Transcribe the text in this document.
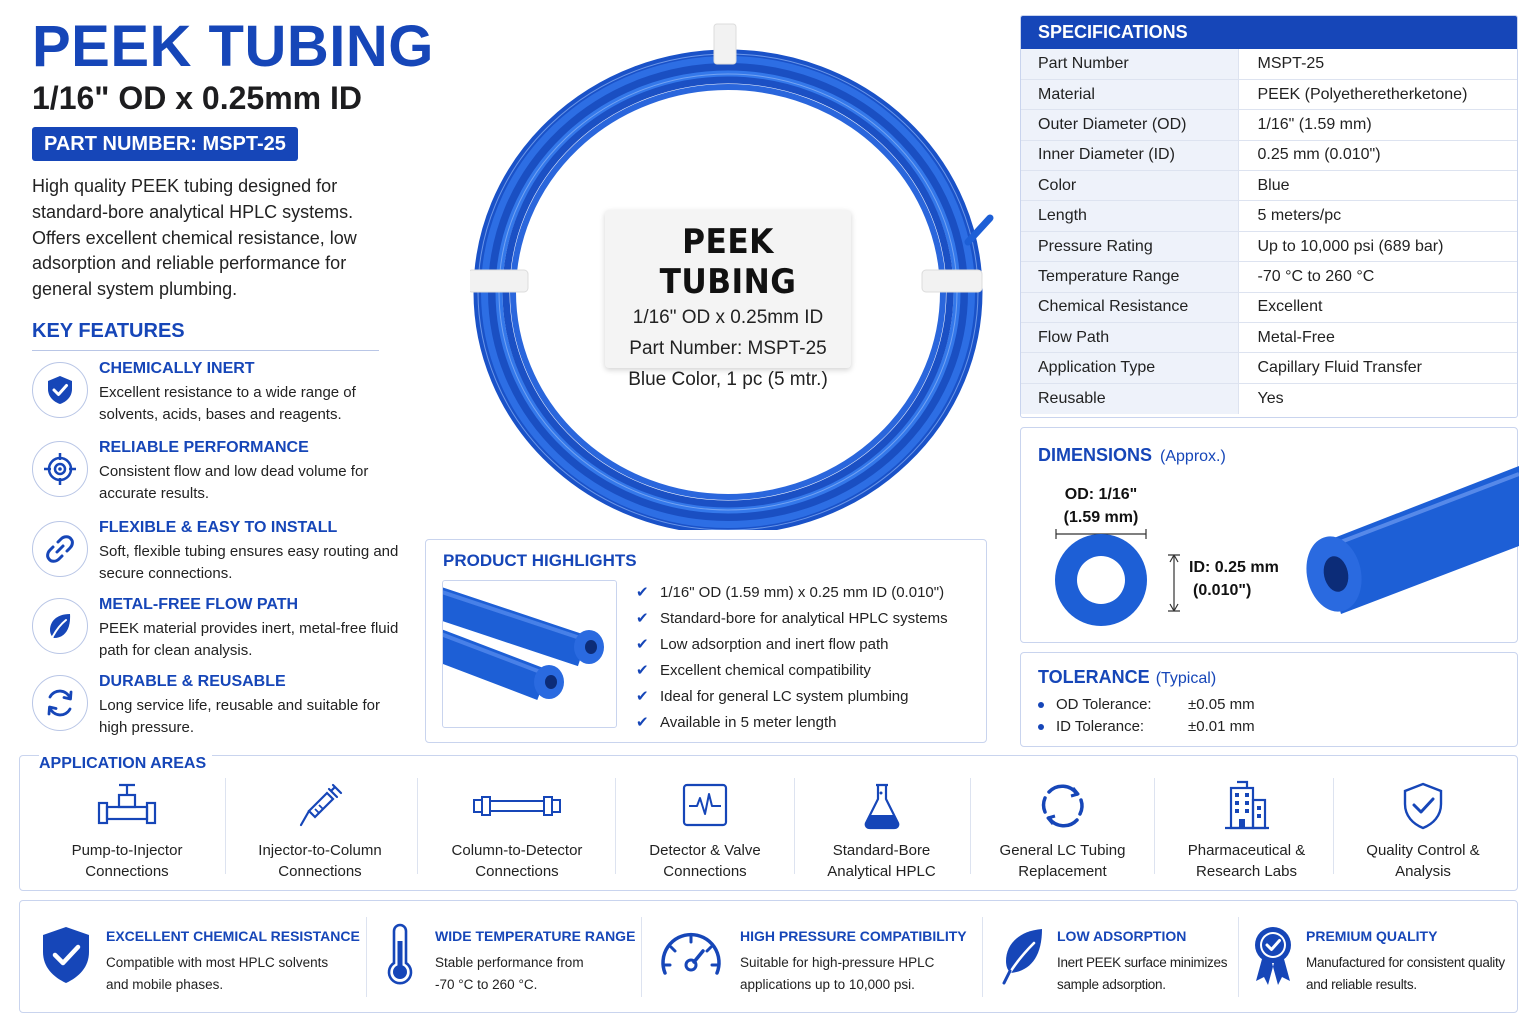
PEEK TUBING
1/16" OD x 0.25mm ID
PART NUMBER: MSPT-25
High quality PEEK tubing designed for standard-bore analytical HPLC systems. Offers excellent chemical resistance, low adsorption and reliable performance for general system plumbing.
KEY FEATURES
CHEMICALLY INERT
Excellent resistance to a wide range of solvents, acids, bases and reagents.
RELIABLE PERFORMANCE
Consistent flow and low dead volume for accurate results.
FLEXIBLE & EASY TO INSTALL
Soft, flexible tubing ensures easy routing and secure connections.
METAL-FREE FLOW PATH
PEEK material provides inert, metal-free fluid path for clean analysis.
DURABLE & REUSABLE
Long service life, reusable and suitable for high pressure.
PEEK TUBING
1/16" OD x 0.25mm ID
Part Number: MSPT-25
Blue Color, 1 pc (5 mtr.)
PRODUCT HIGHLIGHTS
✔ 1/16" OD (1.59 mm) x 0.25 mm ID (0.010")
✔ Standard-bore for analytical HPLC systems
✔ Low adsorption and inert flow path
✔ Excellent chemical compatibility
✔ Ideal for general LC system plumbing
✔ Available in 5 meter length
SPECIFICATIONS
Part Number	MSPT-25
Material	PEEK (Polyetheretherketone)
Outer Diameter (OD)	1/16" (1.59 mm)
Inner Diameter (ID)	0.25 mm (0.010")
Color	Blue
Length	5 meters/pc
Pressure Rating	Up to 10,000 psi (689 bar)
Temperature Range	-70 °C to 260 °C
Chemical Resistance	Excellent
Flow Path	Metal-Free
Application Type	Capillary Fluid Transfer
Reusable	Yes
DIMENSIONS (Approx.)
OD: 1/16"
(1.59 mm)
ID: 0.25 mm
(0.010")
TOLERANCE (Typical)
OD Tolerance: ±0.05 mm
ID Tolerance:	±0.01 mm
APPLICATION AREAS
Pump-to-Injector
Connections
Injector-to-Column
Connections
Column-to-Detector
Connections
Detector & Valve
Connections
Standard-Bore
Analytical HPLC
General LC Tubing
Replacement
Pharmaceutical &
Research Labs
Quality Control &
Analysis
EXCELLENT CHEMICAL RESISTANCE
Compatible with most HPLC solvents
and mobile phases.
WIDE TEMPERATURE RANGE
Stable performance from
-70 °C to 260 °C.
HIGH PRESSURE COMPATIBILITY
Suitable for high-pressure HPLC
applications up to 10,000 psi.
LOW ADSORPTION
Inert PEEK surface minimizes
sample adsorption.
PREMIUM QUALITY
Manufactured for consistent quality
and reliable results.
